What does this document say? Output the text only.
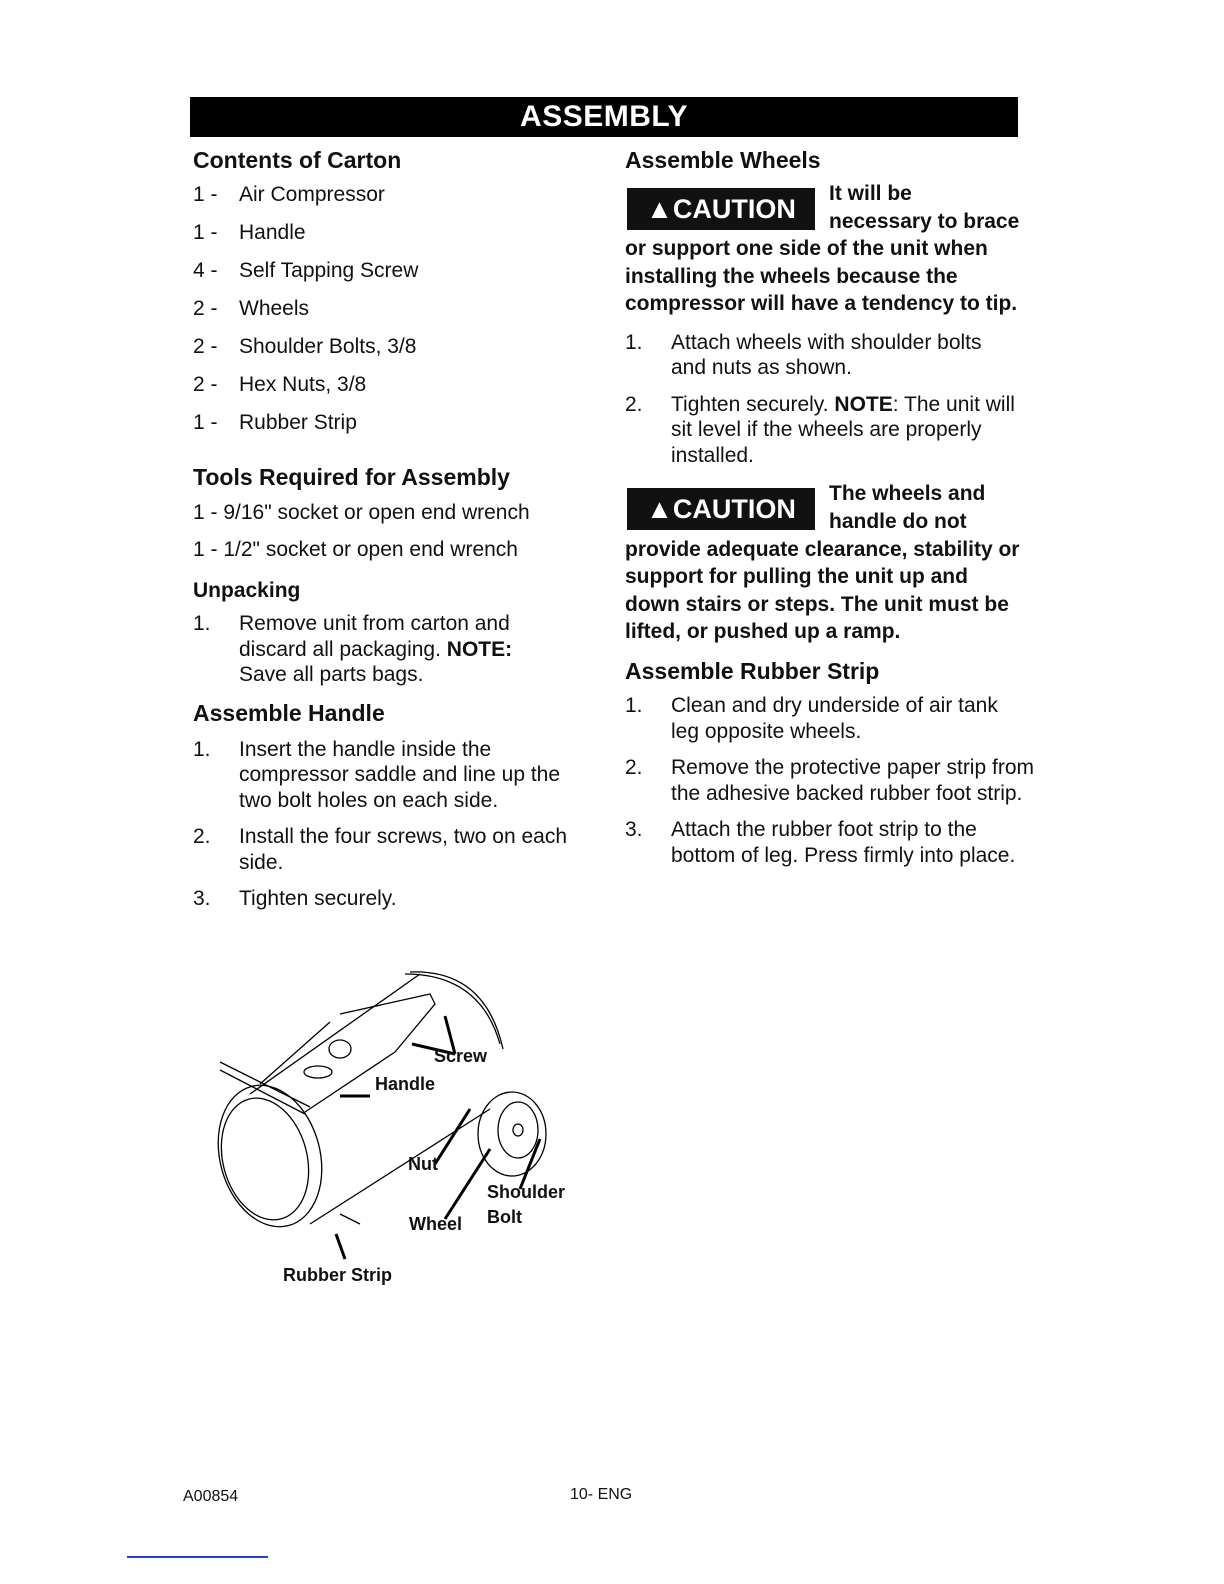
ASSEMBLY
Contents of Carton
1 - Air Compressor
1 - Handle
4 - Self Tapping Screw
2 - Wheels
2 - Shoulder Bolts, 3/8
2 - Hex Nuts, 3/8
1 - Rubber Strip
Tools Required for Assembly
1 - 9/16" socket or open end wrench
1 - 1/2" socket or open end wrench
Unpacking
1. Remove unit from carton and discard all packaging. NOTE: Save all parts bags.
Assemble Handle
1. Insert the handle inside the compressor saddle and line up the two bolt holes on each side.
2. Install the four screws, two on each side.
3. Tighten securely.
Screw
Handle
Nut
Wheel
Shoulder
Bolt
Rubber Strip
Assemble Wheels
▲CAUTION
It will be necessary to brace or support one side of the unit when installing the wheels because the compressor will have a tendency to tip.
1. Attach wheels with shoulder bolts and nuts as shown.
2. Tighten securely. NOTE: The unit will sit level if the wheels are properly installed.
▲CAUTION
The wheels and handle do not provide adequate clearance, stability or support for pulling the unit up and down stairs or steps. The unit must be lifted, or pushed up a ramp.
Assemble Rubber Strip
1. Clean and dry underside of air tank leg opposite wheels.
2. Remove the protective paper strip from the adhesive backed rubber foot strip.
3. Attach the rubber foot strip to the bottom of leg. Press firmly into place.
A00854	10- ENG
